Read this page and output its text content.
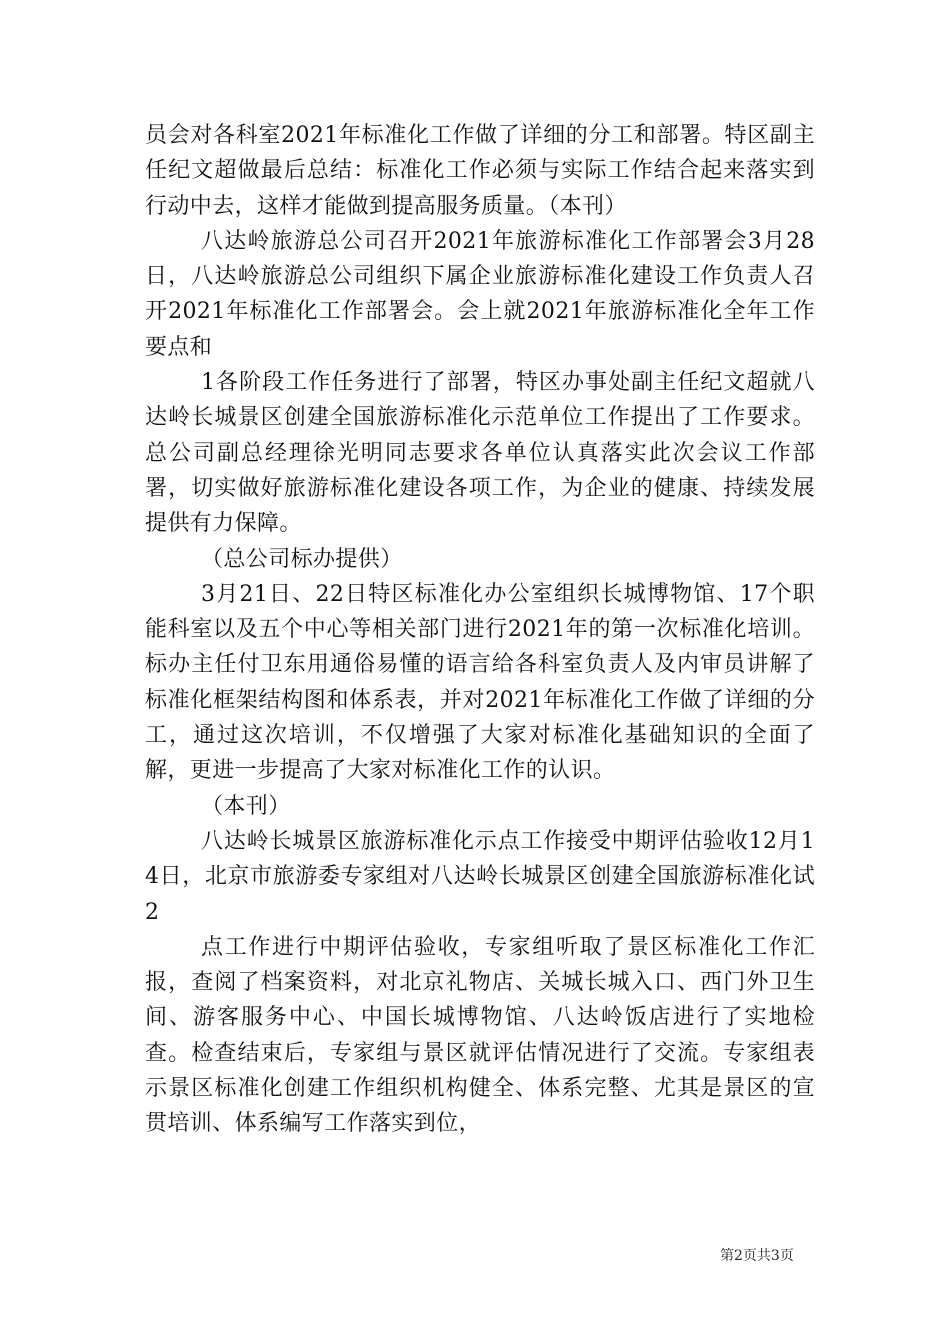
员会对各科室2021年标准化工作做了详细的分工和部署。特区副主任纪文超做最后总结：标准化工作必须与实际工作结合起来落实到行动中去，这样才能做到提高服务质量。（本刊）

八达岭旅游总公司召开2021年旅游标准化工作部署会3月28日，八达岭旅游总公司组织下属企业旅游标准化建设工作负责人召开2021年标准化工作部署会。会上就2021年旅游标准化全年工作要点和

1各阶段工作任务进行了部署，特区办事处副主任纪文超就八达岭长城景区创建全国旅游标准化示范单位工作提出了工作要求。总公司副总经理徐光明同志要求各单位认真落实此次会议工作部署，切实做好旅游标准化建设各项工作，为企业的健康、持续发展提供有力保障。

（总公司标办提供）

3月21日、22日特区标准化办公室组织长城博物馆、17个职能科室以及五个中心等相关部门进行2021年的第一次标准化培训。标办主任付卫东用通俗易懂的语言给各科室负责人及内审员讲解了标准化框架结构图和体系表，并对2021年标准化工作做了详细的分工，通过这次培训，不仅增强了大家对标准化基础知识的全面了解，更进一步提高了大家对标准化工作的认识。

（本刊）

八达岭长城景区旅游标准化示点工作接受中期评估验收12月14日，北京市旅游委专家组对八达岭长城景区创建全国旅游标准化试2

点工作进行中期评估验收，专家组听取了景区标准化工作汇报，查阅了档案资料，对北京礼物店、关城长城入口、西门外卫生间、游客服务中心、中国长城博物馆、八达岭饭店进行了实地检查。检查结束后，专家组与景区就评估情况进行了交流。专家组表示景区标准化创建工作组织机构健全、体系完整、尤其是景区的宣贯培训、体系编写工作落实到位，

第2页共3页
